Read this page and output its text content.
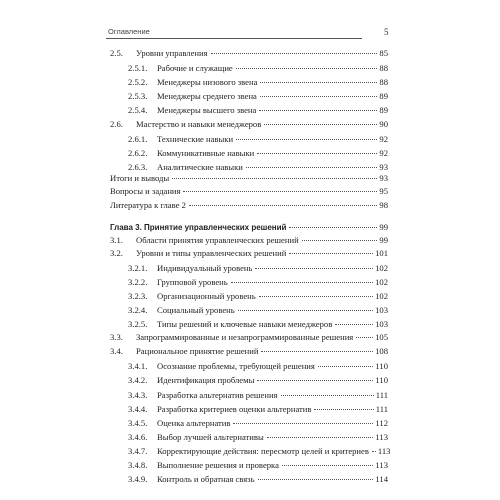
Оглавление	5
2.5.	Уровни управления	85
2.5.1.	Рабочие и служащие	88
2.5.2.	Менеджеры низового звена	88
2.5.3.	Менеджеры среднего звена	89
2.5.4.	Менеджеры высшего звена	89
2.6.	Мастерство и навыки менеджеров	90
2.6.1.	Технические навыки	92
2.6.2.	Коммуникативные навыки	92
2.6.3.	Аналитические навыки	93
Итоги и выводы	93
Вопросы и задания	95
Литература к главе 2	98
Глава 3. Принятие управленческих решений	99
3.1.	Области принятия управленческих решений	99
3.2.	Уровни и типы управленческих решений	101
3.2.1.	Индивидуальный уровень	102
3.2.2.	Групповой уровень	102
3.2.3.	Организационный уровень	102
3.2.4.	Социальный уровень	103
3.2.5.	Типы решений и ключевые навыки менеджеров	103
3.3.	Запрограммированные и незапрограммированные решения	105
3.4.	Рациональное принятие решений	108
3.4.1.	Осознание проблемы, требующей решения	110
3.4.2.	Идентификация проблемы	110
3.4.3.	Разработка альтернатив решения	111
3.4.4.	Разработка критериев оценки альтернатив	111
3.4.5.	Оценка альтернатив	112
3.4.6.	Выбор лучшей альтернативы	113
3.4.7.	Корректирующие действия: пересмотр целей и критериев 113
3.4.8.	Выполнение решения и проверка	113
3.4.9.	Контроль и обратная связь	114
